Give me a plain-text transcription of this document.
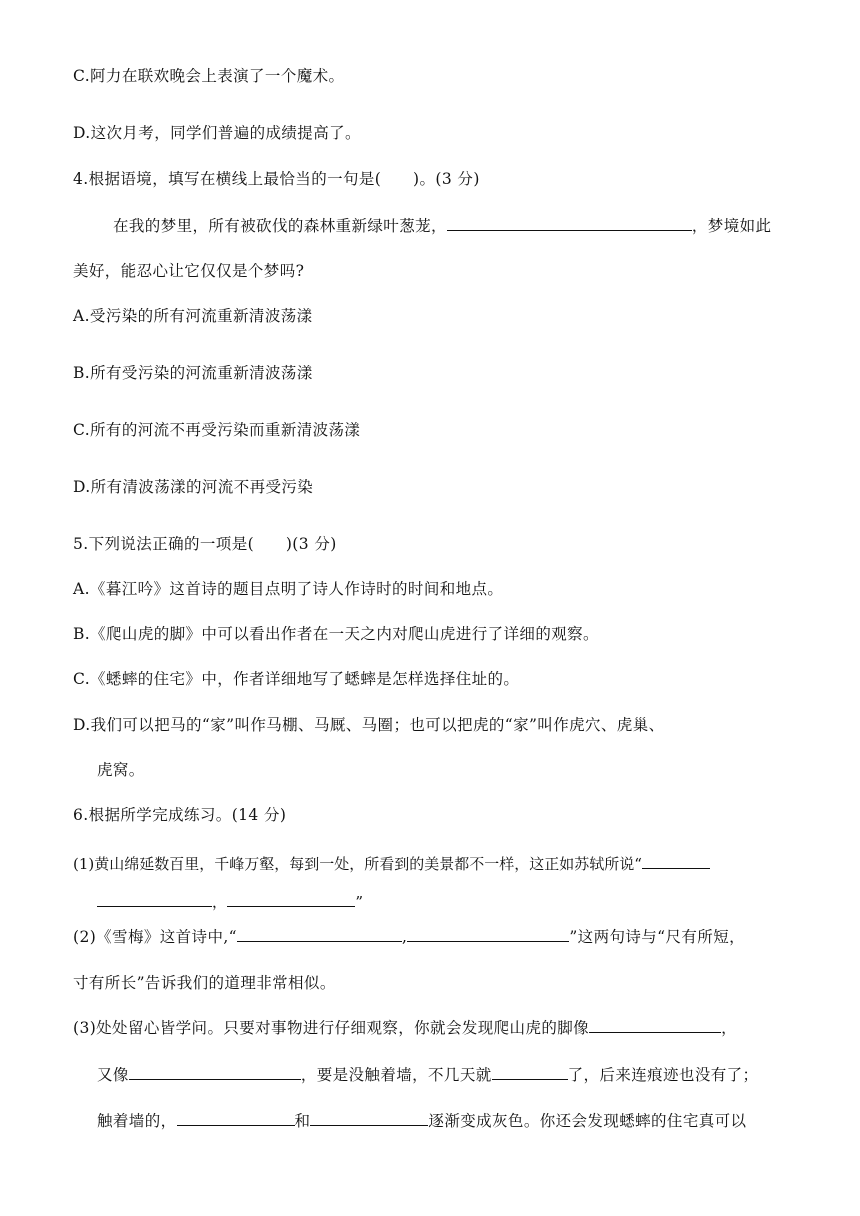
C.阿力在联欢晚会上表演了一个魔术。
D.这次月考，同学们普遍的成绩提高了。
4.根据语境，填写在横线上最恰当的一句是(　　)。(3 分)
在我的梦里，所有被砍伐的森林重新绿叶葱茏，	，梦境如此
美好，能忍心让它仅仅是个梦吗?
A.受污染的所有河流重新清波荡漾
B.所有受污染的河流重新清波荡漾
C.所有的河流不再受污染而重新清波荡漾
D.所有清波荡漾的河流不再受污染
5.下列说法正确的一项是(　　)(3 分)
A.《暮江吟》这首诗的题目点明了诗人作诗时的时间和地点。
B.《爬山虎的脚》中可以看出作者在一天之内对爬山虎进行了详细的观察。
C.《蟋蟀的住宅》中，作者详细地写了蟋蟀是怎样选择住址的。
D.我们可以把马的“家”叫作马棚、马厩、马圈；也可以把虎的“家”叫作虎穴、虎巢、
虎窝。
6.根据所学完成练习。(14 分)
(1)黄山绵延数百里，千峰万壑，每到一处，所看到的美景都不一样，这正如苏轼所说“
，	”
(2)《雪梅》这首诗中,“	,	”这两句诗与“尺有所短，
寸有所长”告诉我们的道理非常相似。
(3)处处留心皆学问。只要对事物进行仔细观察，你就会发现爬山虎的脚像	，
又像	，要是没触着墙，不几天就	了，后来连痕迹也没有了；
触着墙的，	和	逐渐变成灰色。你还会发现蟋蟀的住宅真可以
